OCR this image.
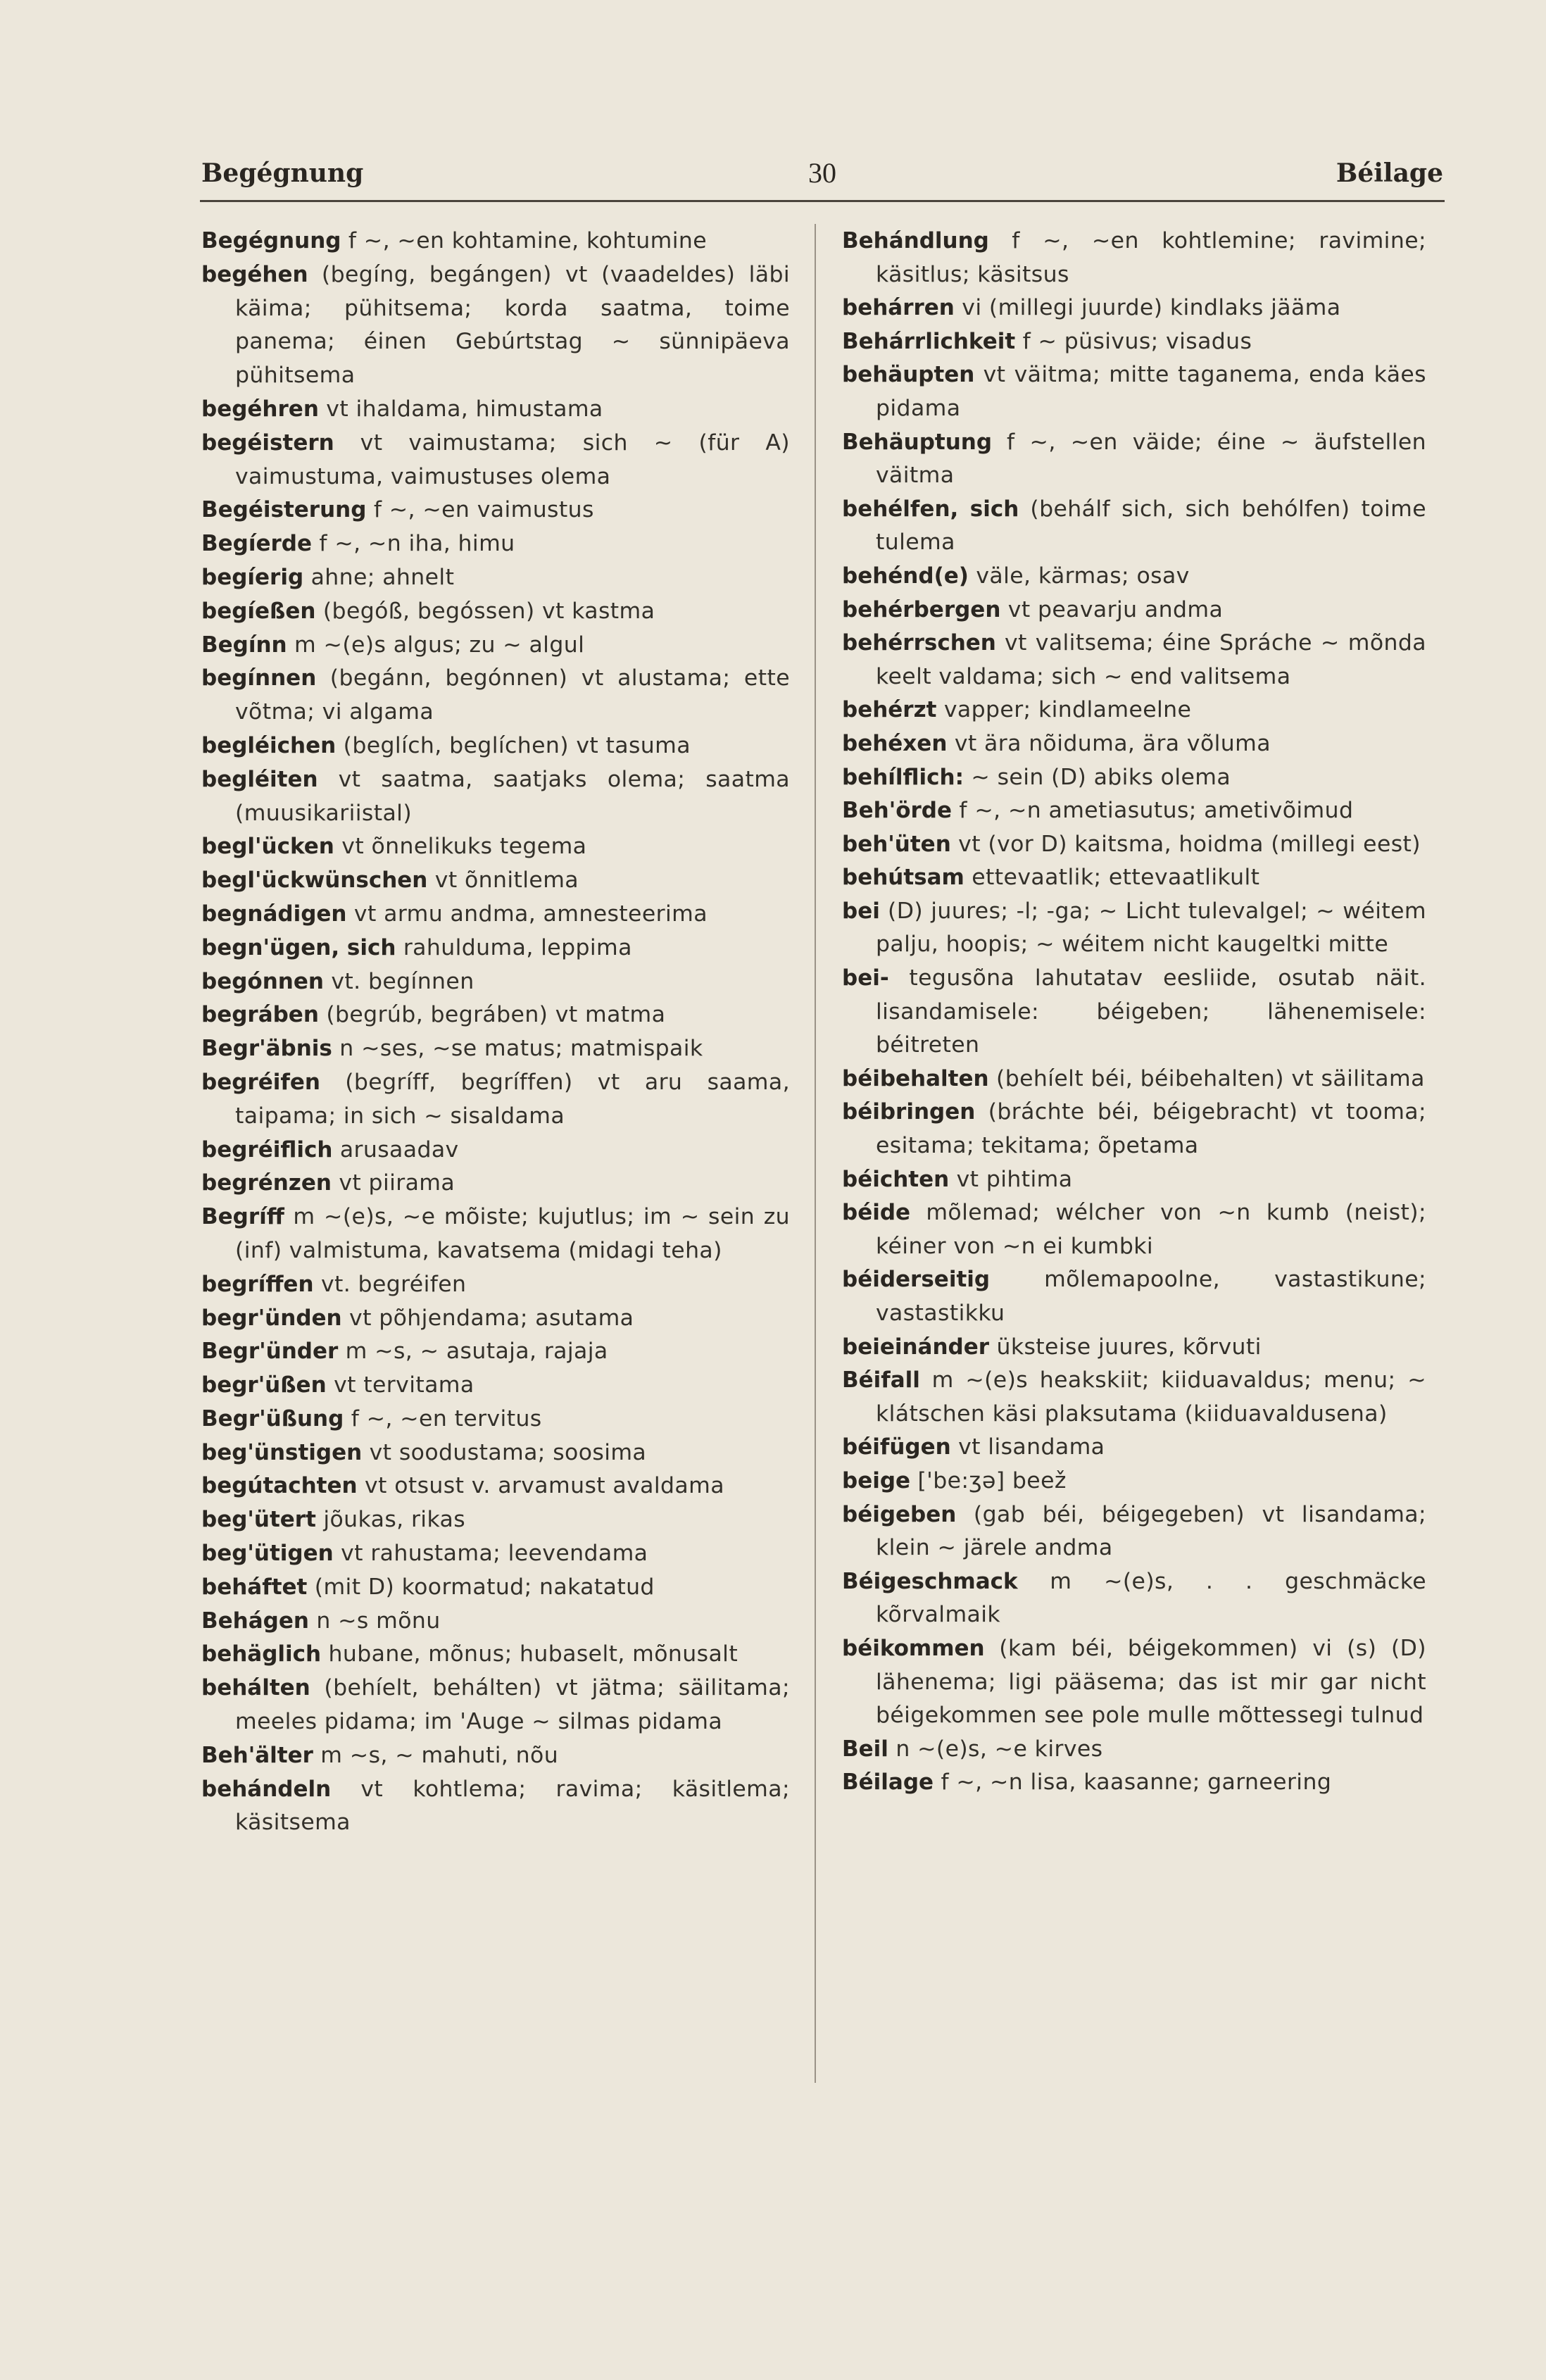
Begégnung	30	Béilage
Begégnung f ~, ~en kohtamine, kohtumine
begéhen (begíng, begángen) vt (vaadeldes) läbi käima; pühitsema; korda saatma, toime panema; éinen Gebúrtstag ~ sünnipäeva pühitsema
begéhren vt ihaldama, himustama
begéistern vt vaimustama; sich ~ (für A) vaimustuma, vaimustuses olema
Begéisterung f ~, ~en vaimustus
Begíerde f ~, ~n iha, himu
begíerig ahne; ahnelt
begíeßen (begóß, begóssen) vt kastma
Begínn m ~(e)s algus; zu ~ algul
begínnen (begánn, begónnen) vt alustama; ette võtma; vi algama
begléichen (beglích, beglíchen) vt tasuma
begléiten vt saatma, saatjaks olema; saatma (muusikariistal)
begl'ücken vt õnnelikuks tegema
begl'ückwünschen vt õnnitlema
begnádigen vt armu andma, amnesteerima
begn'ügen, sich rahulduma, leppima
begónnen vt. begínnen
begráben (begrúb, begráben) vt matma
Begr'äbnis n ~ses, ~se matus; matmispaik
begréifen (begríff, begríffen) vt aru saama, taipama; in sich ~ sisaldama
begréiflich arusaadav
begrénzen vt piirama
Begríff m ~(e)s, ~e mõiste; kujutlus; im ~ sein zu (inf) valmistuma, kavatsema (midagi teha)
begríffen vt. begréifen
begr'ünden vt põhjendama; asutama
Begr'ünder m ~s, ~ asutaja, rajaja
begr'üßen vt tervitama
Begr'üßung f ~, ~en tervitus
beg'ünstigen vt soodustama; soosima
begútachten vt otsust v. arvamust avaldama
beg'ütert jõukas, rikas
beg'ütigen vt rahustama; leevendama
beháftet (mit D) koormatud; nakatatud
Behágen n ~s mõnu
behäglich hubane, mõnus; hubaselt, mõnusalt
behálten (behíelt, behálten) vt jätma; säilitama; meeles pidama; im 'Auge ~ silmas pidama
Beh'älter m ~s, ~ mahuti, nõu
behándeln vt kohtlema; ravima; käsitlema; käsitsema
Behándlung f ~, ~en kohtlemine; ravimine; käsitlus; käsitsus
behárren vi (millegi juurde) kindlaks jääma
Behárrlichkeit f ~ püsivus; visadus
behäupten vt väitma; mitte taganema, enda käes pidama
Behäuptung f ~, ~en väide; éine ~ äufstellen väitma
behélfen, sich (behálf sich, sich behólfen) toime tulema
behénd(e) väle, kärmas; osav
behérbergen vt peavarju andma
behérrschen vt valitsema; éine Spráche ~ mõnda keelt valdama; sich ~ end valitsema
behérzt vapper; kindlameelne
behéxen vt ära nõiduma, ära võluma
behílflich: ~ sein (D) abiks olema
Beh'örde f ~, ~n ametiasutus; ametivõimud
beh'üten vt (vor D) kaitsma, hoidma (millegi eest)
behútsam ettevaatlik; ettevaatlikult
bei (D) juures; -l; -ga; ~ Licht tulevalgel; ~ wéitem palju, hoopis; ~ wéitem nicht kaugeltki mitte
bei- tegusõna lahutatav eesliide, osutab näit. lisandamisele: béigeben; lähenemisele: béitreten
béibehalten (behíelt béi, béibehalten) vt säilitama
béibringen (bráchte béi, béigebracht) vt tooma; esitama; tekitama; õpetama
béichten vt pihtima
béide mõlemad; wélcher von ~n kumb (neist); kéiner von ~n ei kumbki
béiderseitig mõlemapoolne, vastastikune; vastastikku
beieinánder üksteise juures, kõrvuti
Béifall m ~(e)s heakskiit; kiiduavaldus; menu; ~ klátschen käsi plaksutama (kiiduavaldusena)
béifügen vt lisandama
beige ['be:ʒə] beež
béigeben (gab béi, béigegeben) vt lisandama; klein ~ järele andma
Béigeschmack m ~(e)s, . . geschmäcke kõrvalmaik
béikommen (kam béi, béigekommen) vi (s) (D) lähenema; ligi pääsema; das ist mir gar nicht béigekommen see pole mulle mõttessegi tulnud
Beil n ~(e)s, ~e kirves
Béilage f ~, ~n lisa, kaasanne; garneering
